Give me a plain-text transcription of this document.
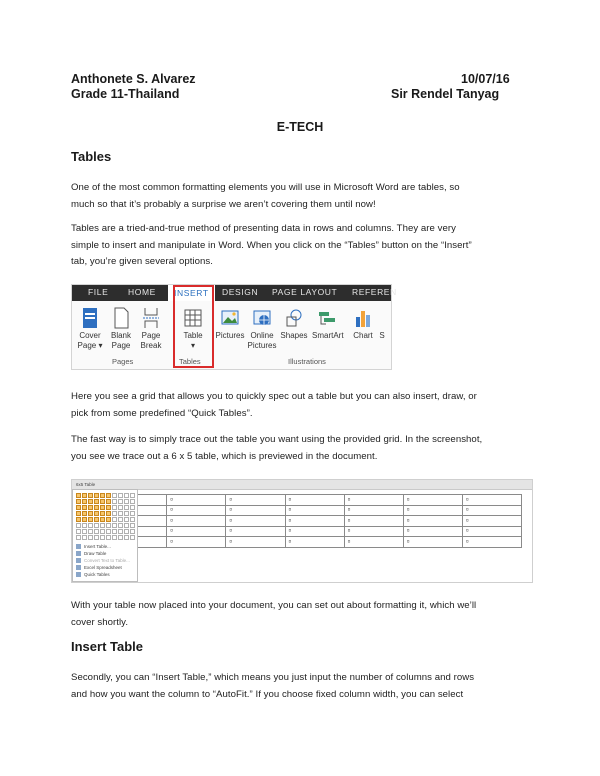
Anthonete S. Alvarez	10/07/16
Grade 11-Thailand	Sir Rendel Tanyag
E-TECH
Tables
One of the most common formatting elements you will use in Microsoft Word are tables, so
much so that it’s probably a surprise we aren’t covering them until now!
Tables are a tried-and-true method of presenting data in rows and columns. They are very
simple to insert and manipulate in Word. When you click on the “Tables” button on the “Insert”
tab, you’re given several options.
FILE HOME	INSERT	DESIGN PAGE LAYOUT REFEREN
Cover
Page ▾
Blank
Page
Page
Break
Table
▾
Pictures Online
Pictures
Shapes SmartArt	Chart S
Pages	Tables	Illustrations
Here you see a grid that allows you to quickly spec out a table but you can also insert, draw, or
pick from some predefined “Quick Tables”.
The fast way is to simply trace out the table you want using the provided grid. In the screenshot,
you see we trace out a 6 x 5 table, which is previewed in the document.
	¤	¤	¤	¤	¤	¤
	¤	¤	¤	¤	¤	¤
	¤	¤	¤	¤	¤	¤
	¤	¤	¤	¤	¤	¤
	¤	¤	¤	¤	¤	¤
6x5 Table
Insert Table...
Draw Table
Convert Text to Table...
Excel Spreadsheet
Quick Tables
With your table now placed into your document, you can set out about formatting it, which we’ll
cover shortly.
Insert Table
Secondly, you can “Insert Table,” which means you just input the number of columns and rows
and how you want the column to “AutoFit.” If you choose fixed column width, you can select
